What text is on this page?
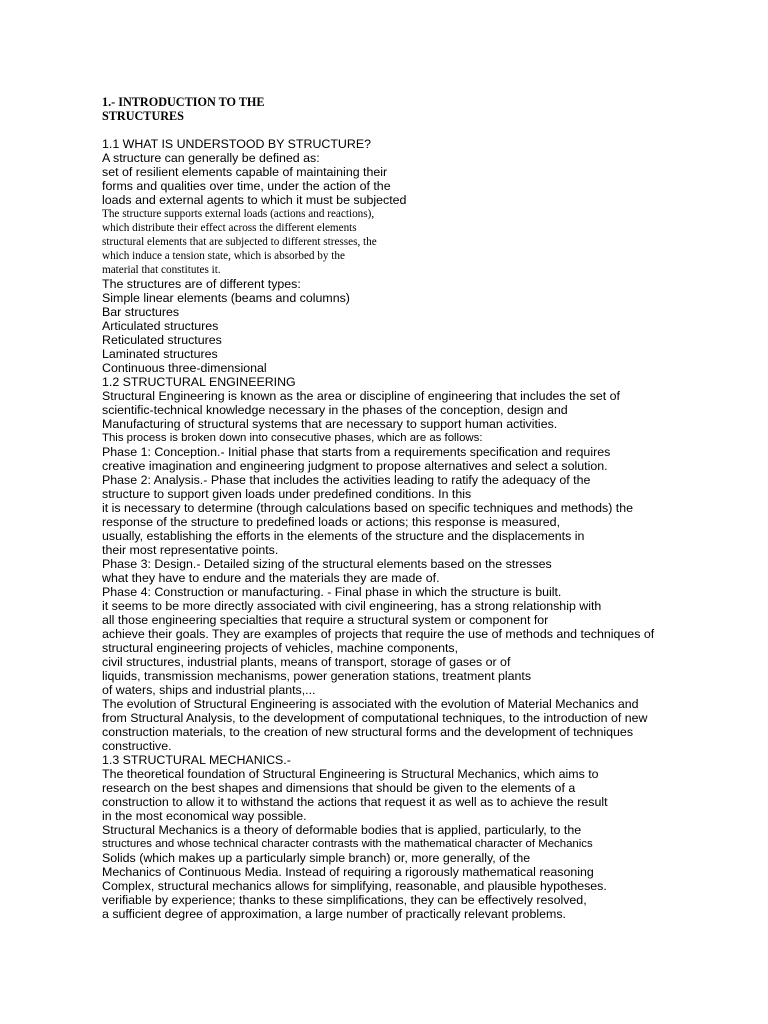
1.- INTRODUCTION TO THE
STRUCTURES
1.1 WHAT IS UNDERSTOOD BY STRUCTURE?
A structure can generally be defined as:
set of resilient elements capable of maintaining their
forms and qualities over time, under the action of the
loads and external agents to which it must be subjected
The structure supports external loads (actions and reactions),
which distribute their effect across the different elements
structural elements that are subjected to different stresses, the
which induce a tension state, which is absorbed by the
material that constitutes it.
The structures are of different types:
Simple linear elements (beams and columns)
Bar structures
Articulated structures
Reticulated structures
Laminated structures
Continuous three-dimensional
1.2 STRUCTURAL ENGINEERING
Structural Engineering is known as the area or discipline of engineering that includes the set of
scientific-technical knowledge necessary in the phases of the conception, design and
Manufacturing of structural systems that are necessary to support human activities.
This process is broken down into consecutive phases, which are as follows:
Phase 1: Conception.- Initial phase that starts from a requirements specification and requires
creative imagination and engineering judgment to propose alternatives and select a solution.
Phase 2: Analysis.- Phase that includes the activities leading to ratify the adequacy of the
structure to support given loads under predefined conditions. In this
it is necessary to determine (through calculations based on specific techniques and methods) the
response of the structure to predefined loads or actions; this response is measured,
usually, establishing the efforts in the elements of the structure and the displacements in
their most representative points.
Phase 3: Design.- Detailed sizing of the structural elements based on the stresses
what they have to endure and the materials they are made of.
Phase 4: Construction or manufacturing. - Final phase in which the structure is built.
it seems to be more directly associated with civil engineering, has a strong relationship with
all those engineering specialties that require a structural system or component for
achieve their goals. They are examples of projects that require the use of methods and techniques of
structural engineering projects of vehicles, machine components,
civil structures, industrial plants, means of transport, storage of gases or of
liquids, transmission mechanisms, power generation stations, treatment plants
of waters, ships and industrial plants,...
The evolution of Structural Engineering is associated with the evolution of Material Mechanics and
from Structural Analysis, to the development of computational techniques, to the introduction of new
construction materials, to the creation of new structural forms and the development of techniques
constructive.
1.3 STRUCTURAL MECHANICS.-
The theoretical foundation of Structural Engineering is Structural Mechanics, which aims to
research on the best shapes and dimensions that should be given to the elements of a
construction to allow it to withstand the actions that request it as well as to achieve the result
in the most economical way possible.
Structural Mechanics is a theory of deformable bodies that is applied, particularly, to the
structures and whose technical character contrasts with the mathematical character of Mechanics
Solids (which makes up a particularly simple branch) or, more generally, of the
Mechanics of Continuous Media. Instead of requiring a rigorously mathematical reasoning
Complex, structural mechanics allows for simplifying, reasonable, and plausible hypotheses.
verifiable by experience; thanks to these simplifications, they can be effectively resolved,
a sufficient degree of approximation, a large number of practically relevant problems.
